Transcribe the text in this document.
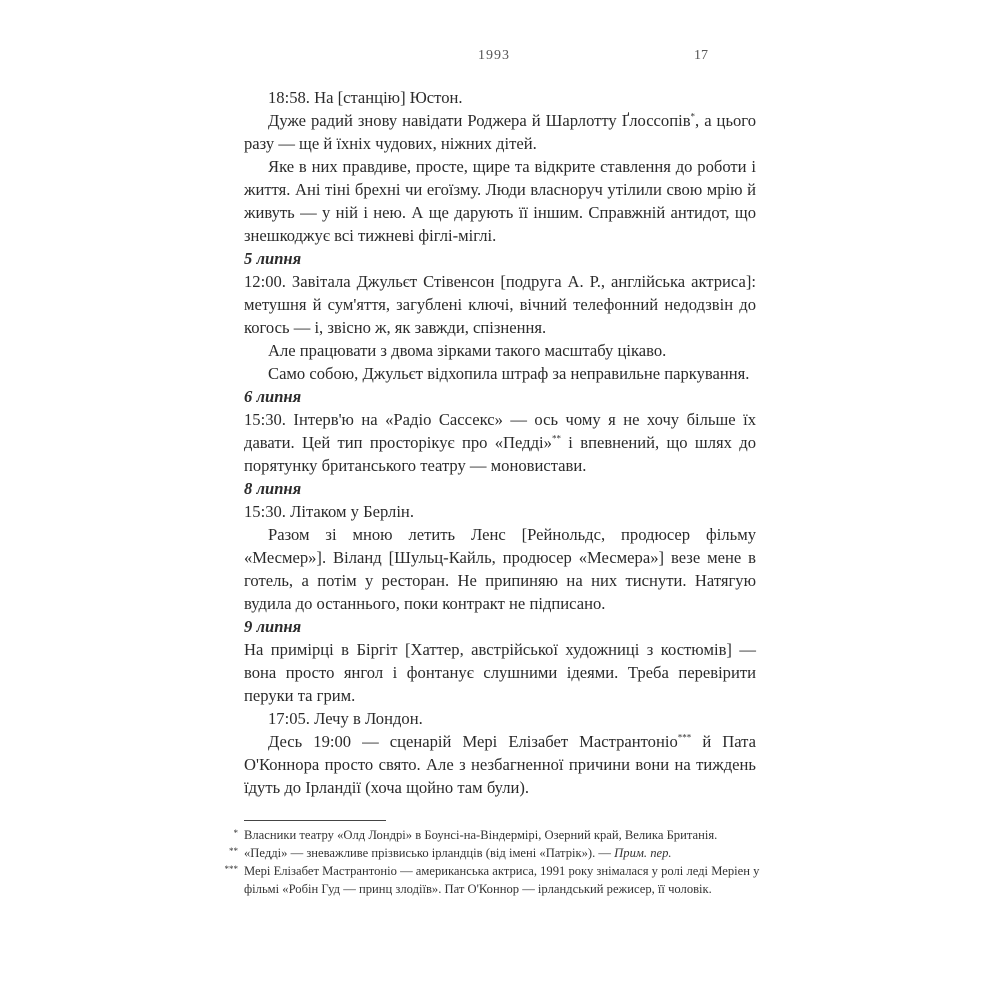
1993	17

18:58. На [станцію] Юстон.

Дуже радий знову навідати Роджера й Шарлотту Ґлоссопів*, а цього разу — ще й їхніх чудових, ніжних дітей.

Яке в них правдиве, просте, щире та відкрите ставлення до роботи і життя. Ані тіні брехні чи егоїзму. Люди власноруч утілили свою мрію й живуть — у ній і нею. А ще дарують її іншим. Справжній антидот, що знешкоджує всі тижневі фіглі-міглі.

5 липня

12:00. Завітала Джульєт Стівенсон [подруга А. Р., англійська актриса]: метушня й сум'яття, загублені ключі, вічний телефонний недодзвін до когось — і, звісно ж, як завжди, спізнення.

Але працювати з двома зірками такого масштабу цікаво.

Само собою, Джульєт відхопила штраф за неправильне паркування.

6 липня

15:30. Інтерв'ю на «Радіо Сассекс» — ось чому я не хочу більше їх давати. Цей тип просторікує про «Педді»** і впевнений, що шлях до порятунку британського театру — моновистави.

8 липня

15:30. Літаком у Берлін.

Разом зі мною летить Ленс [Рейнольдс, продюсер фільму «Месмер»]. Віланд [Шульц-Кайль, продюсер «Месмера»] везе мене в готель, а потім у ресторан. Не припиняю на них тиснути. Натягую вудила до останнього, поки контракт не підписано.

9 липня

На примірці в Біргіт [Хаттер, австрійської художниці з костюмів] — вона просто янгол і фонтанує слушними ідеями. Треба перевірити перуки та грим.

17:05. Лечу в Лондон.

Десь 19:00 — сценарій Мері Елізабет Мастрантоніо*** й Пата О'Коннора просто свято. Але з незбагненної причини вони на тиждень їдуть до Ірландії (хоча щойно там були).

* Власники театру «Олд Лондрі» в Боунсі-на-Віндермірі, Озерний край, Велика Британія.
** «Педді» — зневажливе прізвисько ірландців (від імені «Патрік»). — Прим. пер.
*** Мері Елізабет Мастрантоніо — американська актриса, 1991 року знімалася у ролі леді Меріен у фільмі «Робін Гуд — принц злодіїв». Пат О'Коннор — ірландський режисер, її чоловік.
